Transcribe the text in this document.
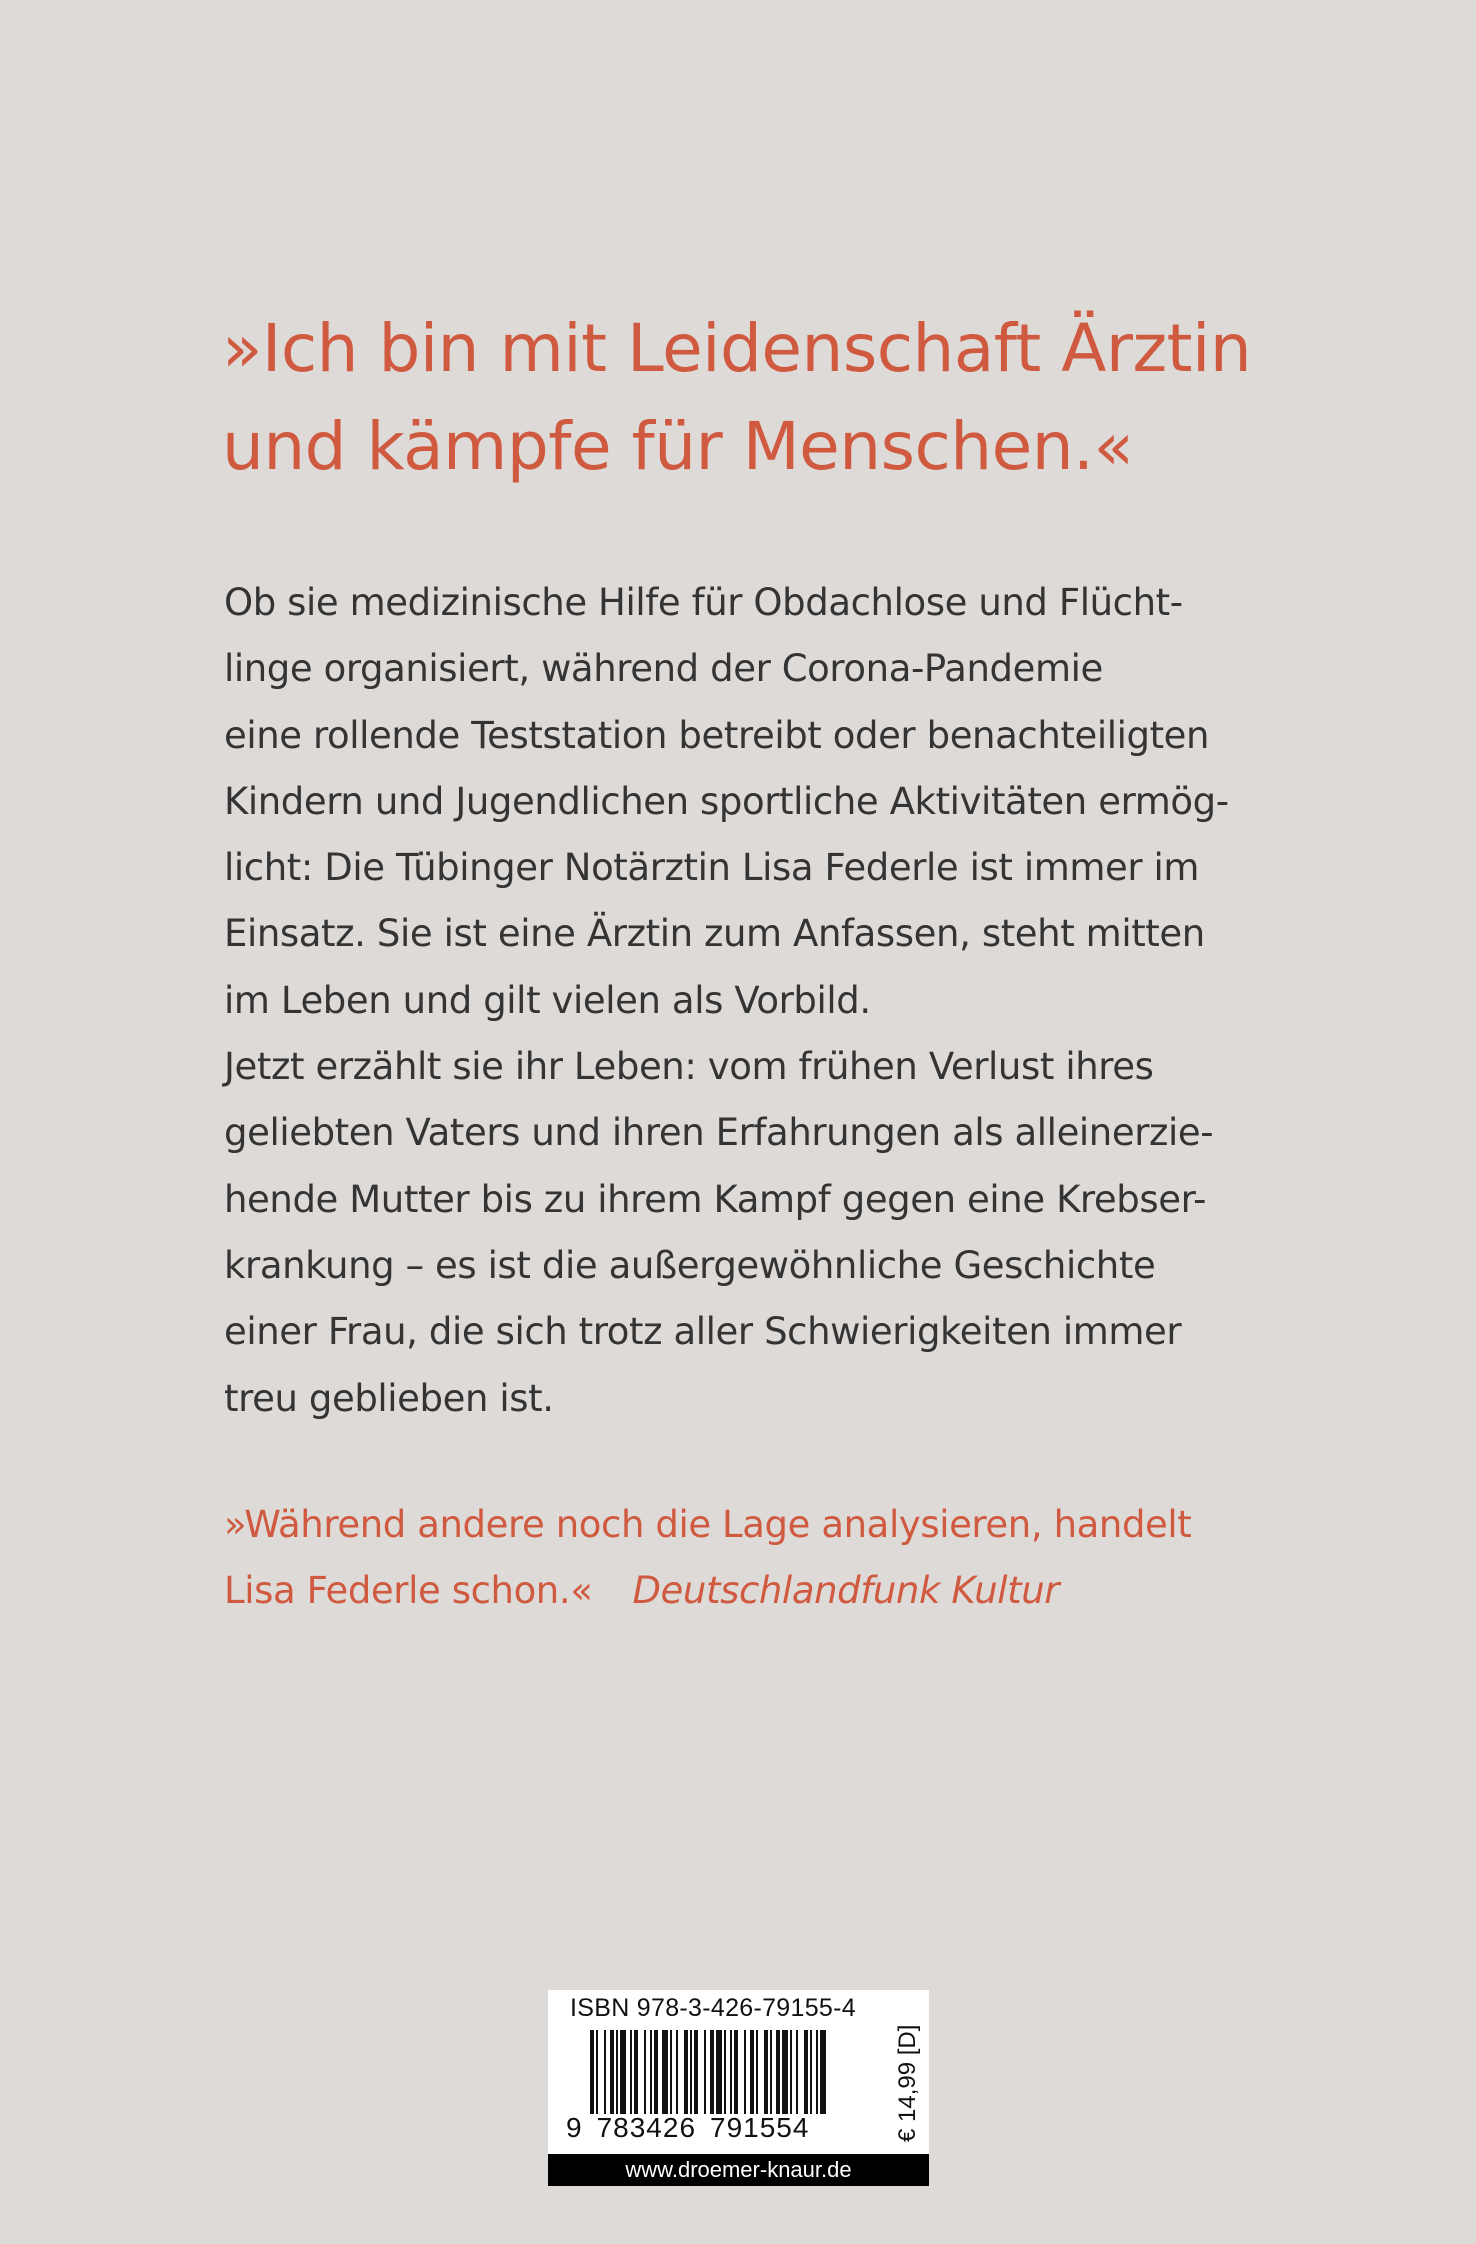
»Ich bin mit Leidenschaft Ärztin
und kämpfe für Menschen.«
Ob sie medizinische Hilfe für Obdachlose und Flücht-
linge organisiert, während der Corona-Pandemie
eine rollende Teststation betreibt oder benachteiligten
Kindern und Jugendlichen sportliche Aktivitäten ermög-
licht: Die Tübinger Notärztin Lisa Federle ist immer im
Einsatz. Sie ist eine Ärztin zum Anfassen, steht mitten
im Leben und gilt vielen als Vorbild.
Jetzt erzählt sie ihr Leben: vom frühen Verlust ihres
geliebten Vaters und ihren Erfahrungen als alleinerzie-
hende Mutter bis zu ihrem Kampf gegen eine Krebser-
krankung – es ist die außergewöhnliche Geschichte
einer Frau, die sich trotz aller Schwierigkeiten immer
treu geblieben ist.
»Während andere noch die Lage analysieren, handelt
Lisa Federle schon.« Deutschlandfunk Kultur
ISBN 978-3-426-79155-4
9 783426 791554	€ 14,99 [D]
www.droemer-knaur.de
